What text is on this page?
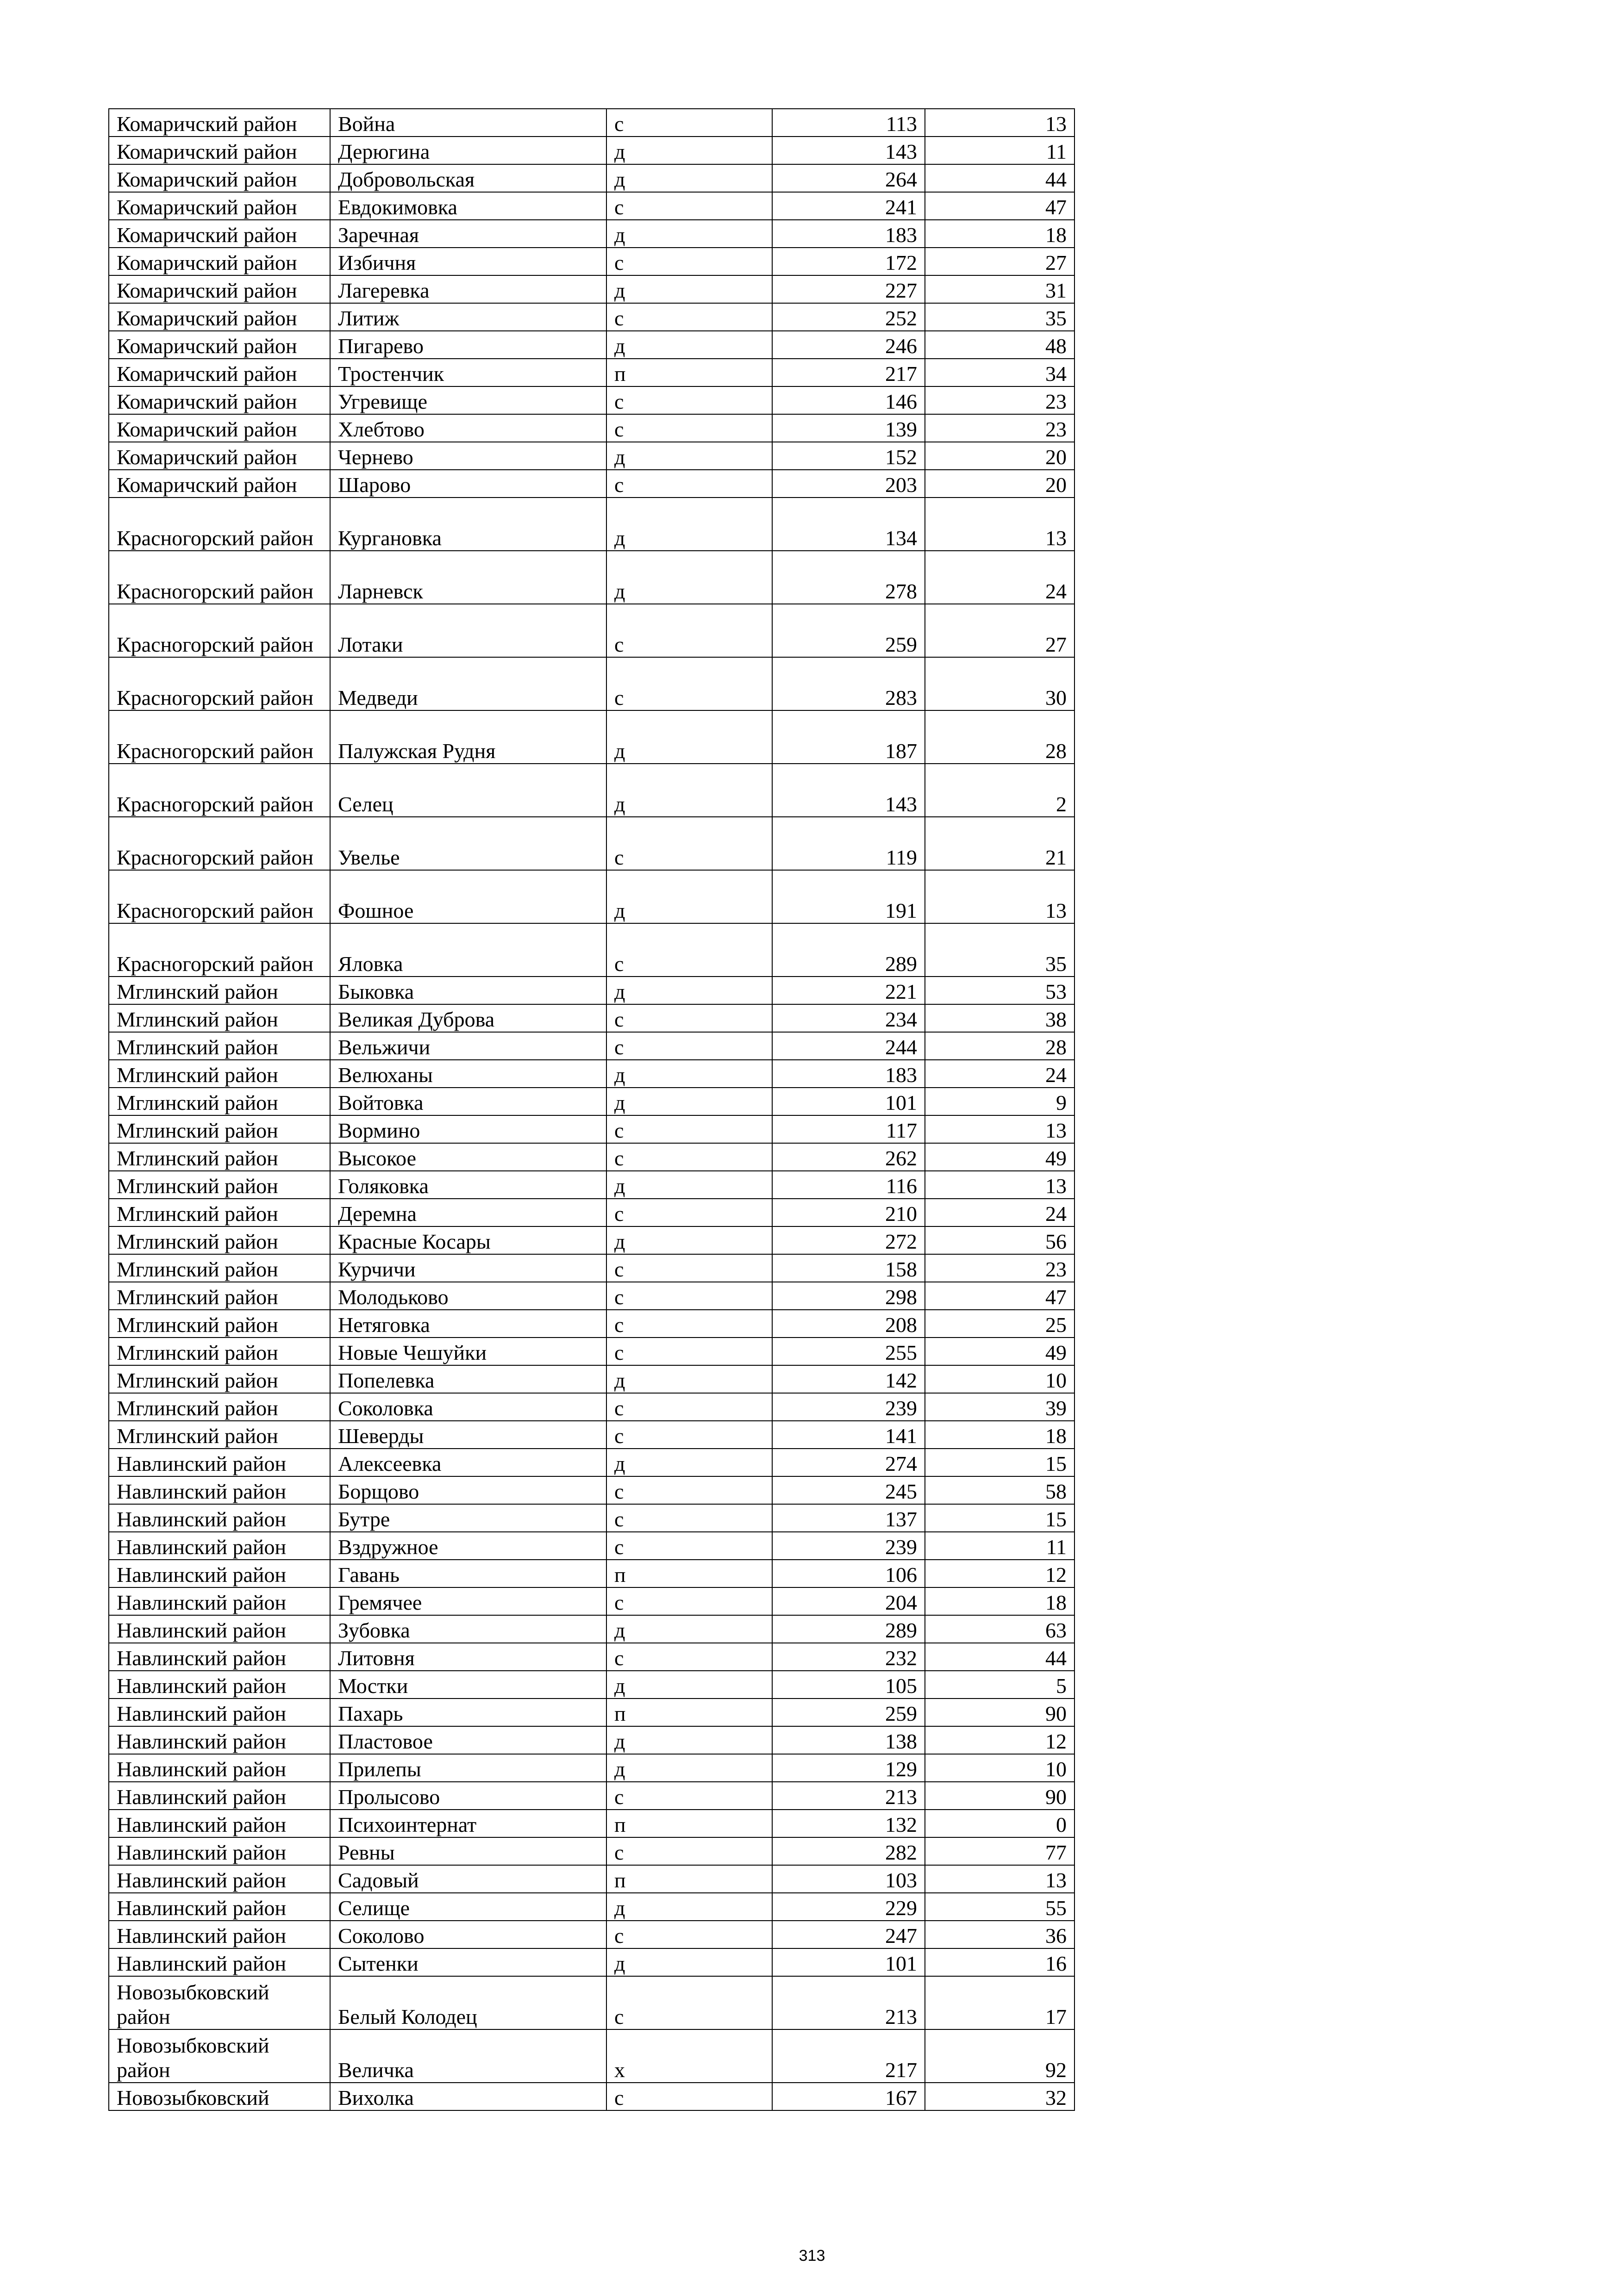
Комаричский район	Война	с	113	13
Комаричский район	Дерюгина	д	143	11
Комаричский район	Добровольская	д	264	44
Комаричский район	Евдокимовка	с	241	47
Комаричский район	Заречная	д	183	18
Комаричский район	Избичня	с	172	27
Комаричский район	Лагеревка	д	227	31
Комаричский район	Литиж	с	252	35
Комаричский район	Пигарево	д	246	48
Комаричский район	Тростенчик	п	217	34
Комаричский район	Угревище	с	146	23
Комаричский район	Хлебтово	с	139	23
Комаричский район	Чернево	д	152	20
Комаричский район	Шарово	с	203	20
Красногорский район	Кургановка	д	134	13
Красногорский район	Ларневск	д	278	24
Красногорский район	Лотаки	с	259	27
Красногорский район	Медведи	с	283	30
Красногорский район	Палужская Рудня	д	187	28
Красногорский район	Селец	д	143	2
Красногорский район	Увелье	с	119	21
Красногорский район	Фошное	д	191	13
Красногорский район	Яловка	с	289	35
Мглинский район	Быковка	д	221	53
Мглинский район	Великая Дуброва	с	234	38
Мглинский район	Вельжичи	с	244	28
Мглинский район	Велюханы	д	183	24
Мглинский район	Войтовка	д	101	9
Мглинский район	Вормино	с	117	13
Мглинский район	Высокое	с	262	49
Мглинский район	Голяковка	д	116	13
Мглинский район	Деремна	с	210	24
Мглинский район	Красные Косары	д	272	56
Мглинский район	Курчичи	с	158	23
Мглинский район	Молодьково	с	298	47
Мглинский район	Нетяговка	с	208	25
Мглинский район	Новые Чешуйки	с	255	49
Мглинский район	Попелевка	д	142	10
Мглинский район	Соколовка	с	239	39
Мглинский район	Шеверды	с	141	18
Навлинский район	Алексеевка	д	274	15
Навлинский район	Борщово	с	245	58
Навлинский район	Бутре	с	137	15
Навлинский район	Вздружное	с	239	11
Навлинский район	Гавань	п	106	12
Навлинский район	Гремячее	с	204	18
Навлинский район	Зубовка	д	289	63
Навлинский район	Литовня	с	232	44
Навлинский район	Мостки	д	105	5
Навлинский район	Пахарь	п	259	90
Навлинский район	Пластовое	д	138	12
Навлинский район	Прилепы	д	129	10
Навлинский район	Пролысово	с	213	90
Навлинский район	Психоинтернат	п	132	0
Навлинский район	Ревны	с	282	77
Навлинский район	Садовый	п	103	13
Навлинский район	Селище	д	229	55
Навлинский район	Соколово	с	247	36
Навлинский район	Сытенки	д	101	16
Новозыбковский район	Белый Колодец	с	213	17
Новозыбковский район	Величка	х	217	92
Новозыбковский	Вихолка	с	167	32
313
